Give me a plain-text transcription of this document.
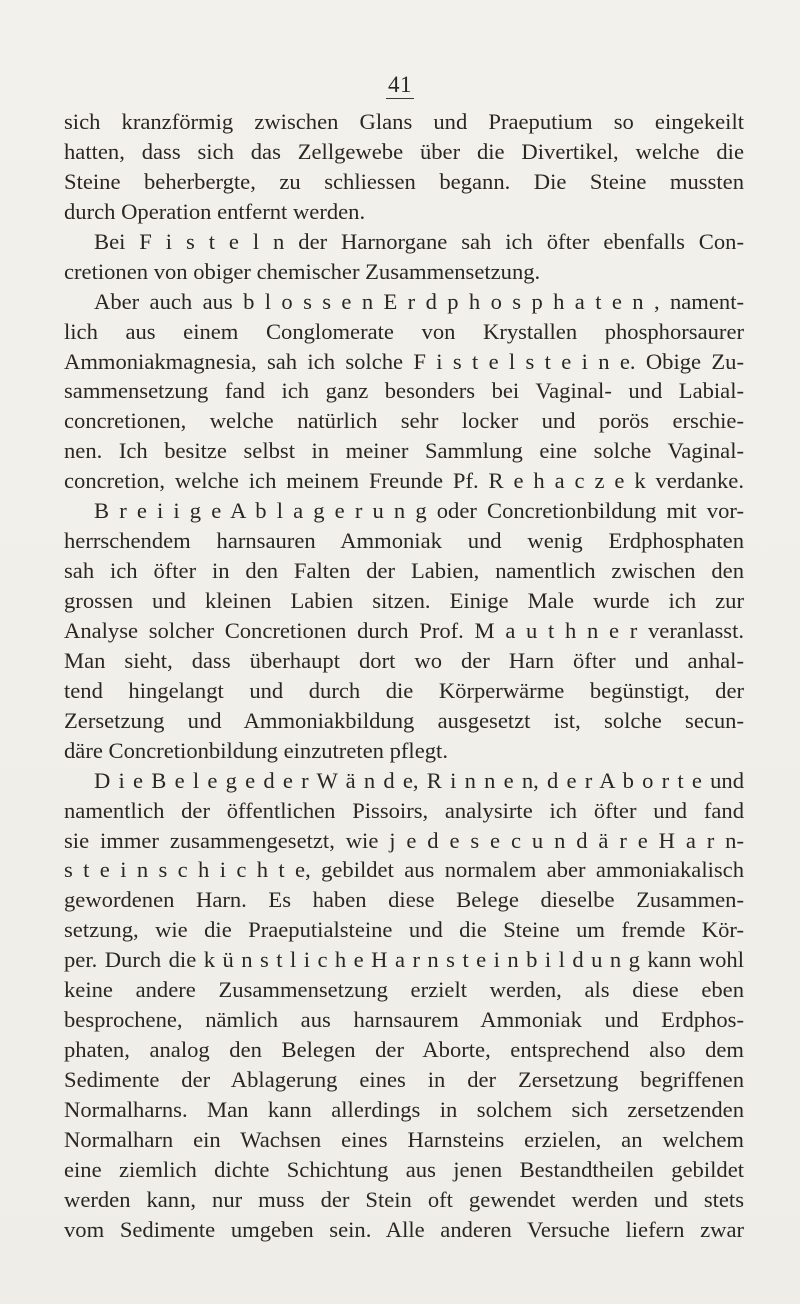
41
sich kranzförmig zwischen Glans und Praeputium so eingekeilt
hatten, dass sich das Zellgewebe über die Divertikel, welche die
Steine beherbergte, zu schliessen begann. Die Steine mussten
durch Operation entfernt werden.
Bei F i s t e l n der Harnorgane sah ich öfter ebenfalls Con-
cretionen von obiger chemischer Zusammensetzung.
Aber auch aus b l o s s e n E r d p h o s p h a t e n , nament-
lich aus einem Conglomerate von Krystallen phosphorsaurer
Ammoniakmagnesia, sah ich solche F i s t e l s t e i n e. Obige Zu-
sammensetzung fand ich ganz besonders bei Vaginal- und Labial-
concretionen, welche natürlich sehr locker und porös erschie-
nen. Ich besitze selbst in meiner Sammlung eine solche Vaginal-
concretion, welche ich meinem Freunde Pf. R e h a c z e k verdanke.
B r e i i g e A b l a g e r u n g oder Concretionbildung mit vor-
herrschendem harnsauren Ammoniak und wenig Erdphosphaten
sah ich öfter in den Falten der Labien, namentlich zwischen den
grossen und kleinen Labien sitzen. Einige Male wurde ich zur
Analyse solcher Concretionen durch Prof. M a u t h n e r veranlasst.
Man sieht, dass überhaupt dort wo der Harn öfter und anhal-
tend hingelangt und durch die Körperwärme begünstigt, der
Zersetzung und Ammoniakbildung ausgesetzt ist, solche secun-
däre Concretionbildung einzutreten pflegt.
D i e B e l e g e d e r W ä n d e, R i n n e n, d e r A b o r t e und
namentlich der öffentlichen Pissoirs, analysirte ich öfter und fand
sie immer zusammengesetzt, wie j e d e s e c u n d ä r e H a r n-
s t e i n s c h i c h t e, gebildet aus normalem aber ammoniakalisch
gewordenen Harn. Es haben diese Belege dieselbe Zusammen-
setzung, wie die Praeputialsteine und die Steine um fremde Kör-
per. Durch die k ü n s t l i c h e H a r n s t e i n b i l d u n g kann wohl
keine andere Zusammensetzung erzielt werden, als diese eben
besprochene, nämlich aus harnsaurem Ammoniak und Erdphos-
phaten, analog den Belegen der Aborte, entsprechend also dem
Sedimente der Ablagerung eines in der Zersetzung begriffenen
Normalharns. Man kann allerdings in solchem sich zersetzenden
Normalharn ein Wachsen eines Harnsteins erzielen, an welchem
eine ziemlich dichte Schichtung aus jenen Bestandtheilen gebildet
werden kann, nur muss der Stein oft gewendet werden und stets
vom Sedimente umgeben sein. Alle anderen Versuche liefern zwar
